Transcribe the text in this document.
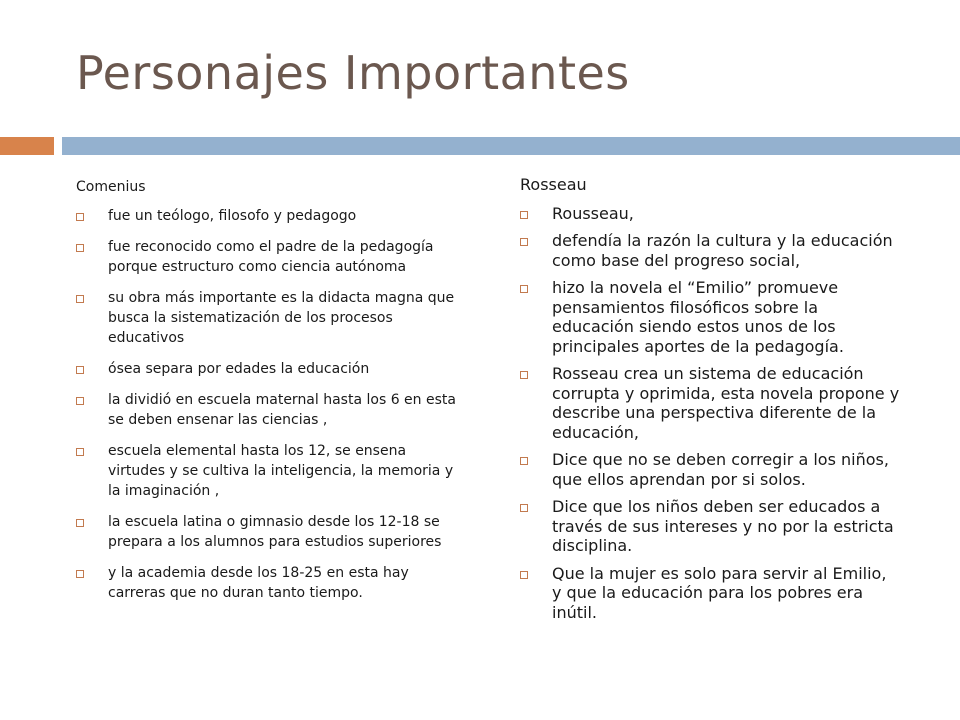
Personajes Importantes

Comenius

fue un teólogo, filosofo y pedagogo
fue reconocido como el padre de la pedagogía porque estructuro como ciencia autónoma
su obra más importante es la didacta magna que busca la sistematización de los procesos educativos
ósea separa por edades la educación
la dividió en escuela maternal hasta los 6 en esta se deben ensenar las ciencias ,
escuela elemental hasta los 12, se ensena virtudes y se cultiva la inteligencia, la memoria y la imaginación ,
la escuela latina o gimnasio desde los 12-18 se prepara a los alumnos para estudios superiores
y la academia desde los 18-25 en esta hay carreras que no duran tanto tiempo.

Rosseau

Rousseau,
defendía la razón la cultura y la educación como base del progreso social,
hizo la novela el “Emilio” promueve pensamientos filosóficos sobre la educación siendo estos unos de los principales aportes de la pedagogía.
Rosseau crea un sistema de educación corrupta y oprimida, esta novela propone y describe una perspectiva diferente de la educación,
Dice que no se deben corregir a los niños, que ellos aprendan por si solos.
Dice que los niños deben ser educados a través de sus intereses y no por la estricta disciplina.
Que la mujer es solo para servir al Emilio, y que la educación para los pobres era inútil.
